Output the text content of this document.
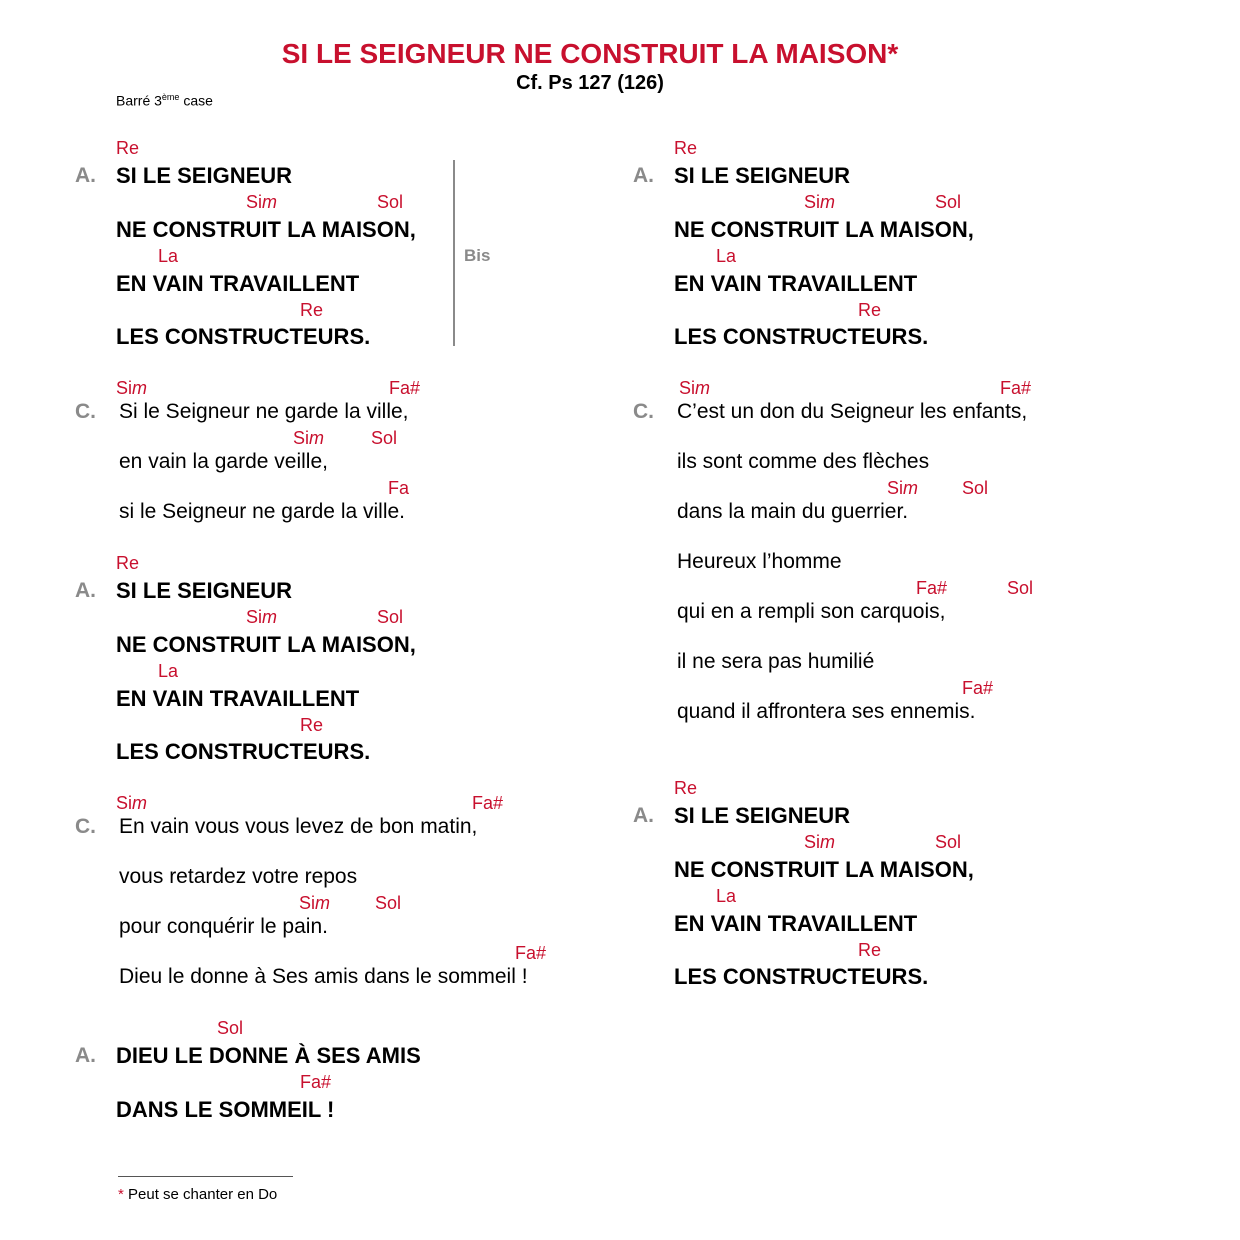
SI LE SEIGNEUR NE CONSTRUIT LA MAISON*
Cf. Ps 127 (126)
Barré 3ème case
Re
A. SI LE SEIGNEUR
Sim	Sol
NE CONSTRUIT LA MAISON,
La
EN VAIN TRAVAILLENT
Re
LES CONSTRUCTEURS.
Bis
Sim	Fa#
C. Si le Seigneur ne garde la ville,
Sim	Sol
en vain la garde veille,
Fa
si le Seigneur ne garde la ville.
Re
A. SI LE SEIGNEUR
Sim	Sol
NE CONSTRUIT LA MAISON,
La
EN VAIN TRAVAILLENT
Re
LES CONSTRUCTEURS.
Sim	Fa#
C. En vain vous vous levez de bon matin,
vous retardez votre repos
Sim Sol
pour conquérir le pain.
Fa#
Dieu le donne à Ses amis dans le sommeil !
Sol
A. DIEU LE DONNE À SES AMIS
Fa#
DANS LE SOMMEIL !
* Peut se chanter en Do
Re
A. SI LE SEIGNEUR
Sim	Sol
NE CONSTRUIT LA MAISON,
La
EN VAIN TRAVAILLENT
Re
LES CONSTRUCTEURS.
Sim	Fa#
C. C’est un don du Seigneur les enfants,
ils sont comme des flèches
Sim Sol
dans la main du guerrier.
Heureux l’homme
Fa#	Sol
qui en a rempli son carquois,
il ne sera pas humilié
Fa#
quand il affrontera ses ennemis.
Re
A. SI LE SEIGNEUR
Sim	Sol
NE CONSTRUIT LA MAISON,
La
EN VAIN TRAVAILLENT
Re
LES CONSTRUCTEURS.
